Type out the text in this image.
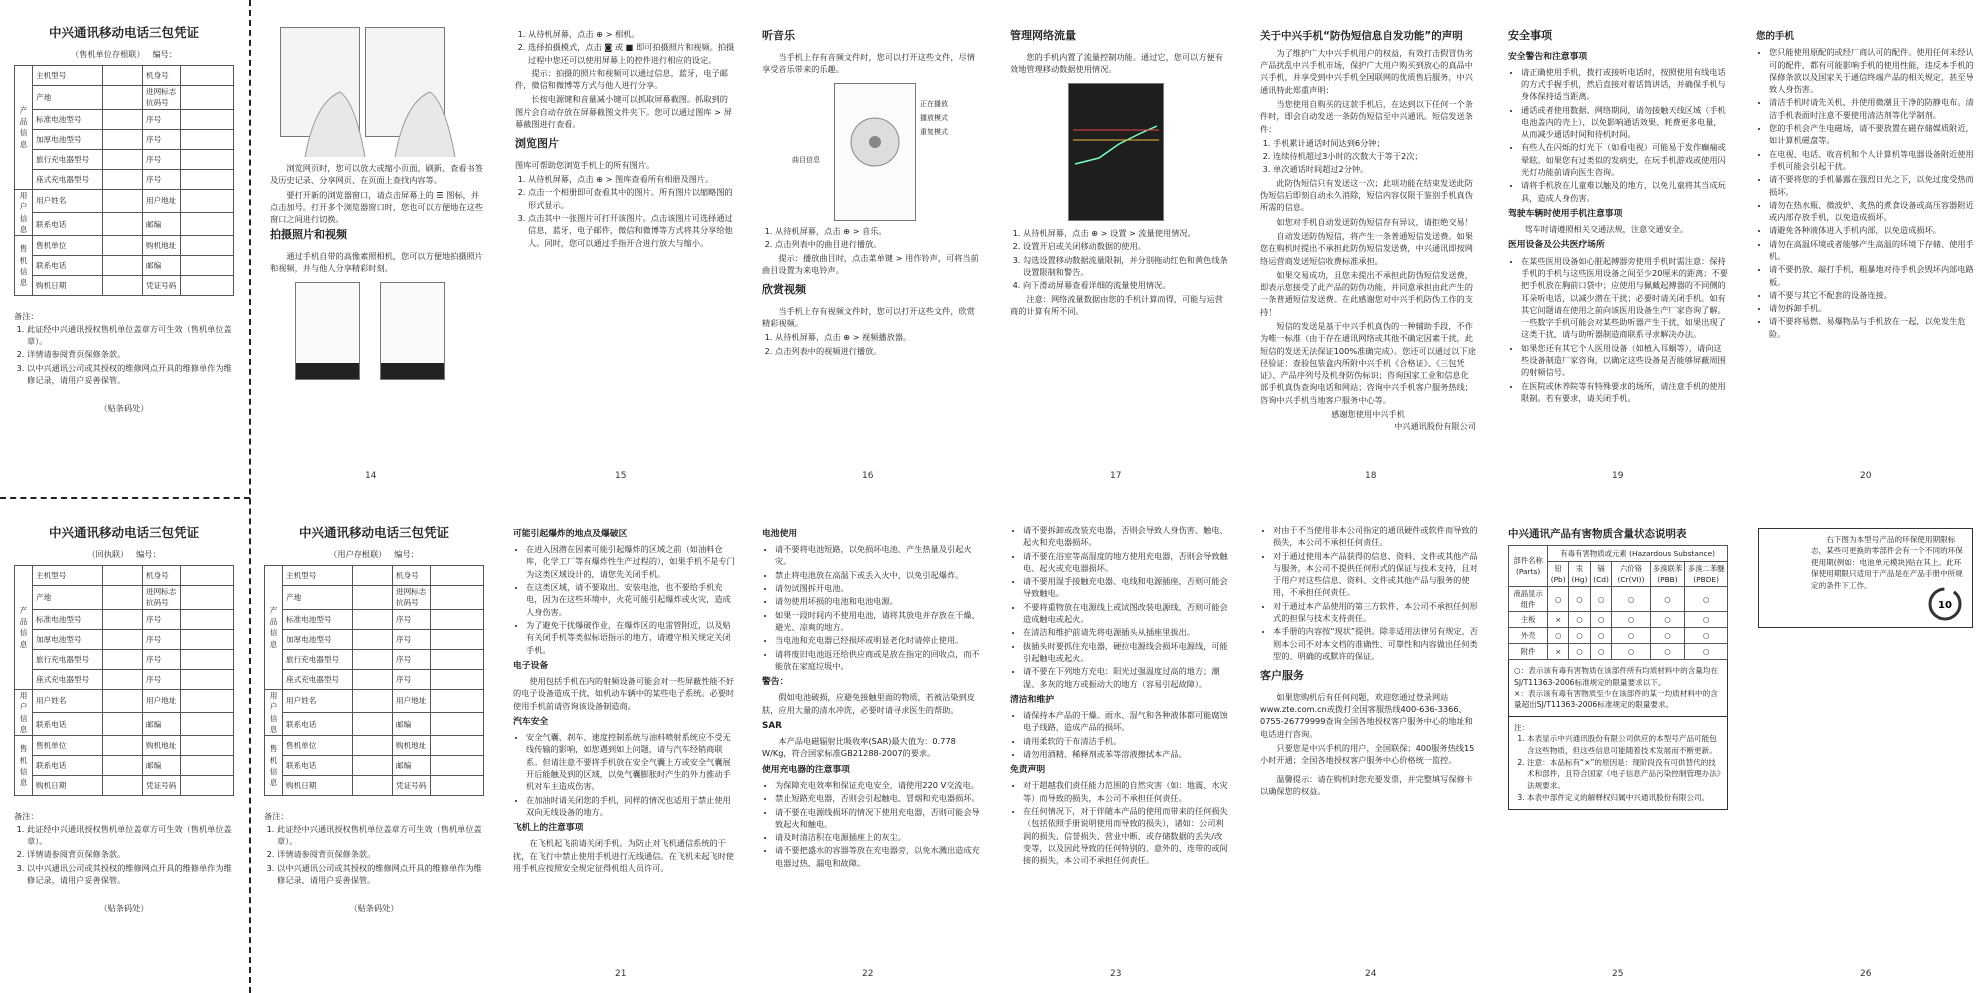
中兴通讯移动电话三包凭证
（售机单位存根联） 编号：
产品信息	主机型号		机身号	
	产地		进网标志 抗码号	
	标准电池型号		序号	
	加厚电池型号		序号	
	旅行充电器型号		序号	
	座式充电器型号		序号	
用户信息	用户姓名		用户地址	
	联系电话		邮编	
售机信息	售机单位		购机地址	
	联系电话		邮编	
	购机日期		凭证号码	
备注：
1. 此证经中兴通讯授权售机单位盖章方可生效（售机单位盖章）。
2. 详情请参阅背页保修条款。
3. 以中兴通讯公司或其授权的维修网点开具的维修单作为维修记录，请用户妥善保管。
（贴条码处）
中兴通讯移动电话三包凭证
（回执联） 编号：
产品信息	主机型号		机身号	
	产地		进网标志 抗码号	
	标准电池型号		序号	
	加厚电池型号		序号	
	旅行充电器型号		序号	
	座式充电器型号		序号	
用户信息	用户姓名		用户地址	
	联系电话		邮编	
售机信息	售机单位		购机地址	
	联系电话		邮编	
	购机日期		凭证号码	
备注：
1. 此证经中兴通讯授权售机单位盖章方可生效（售机单位盖章）。
2. 详情请参阅背页保修条款。
3. 以中兴通讯公司或其授权的维修网点开具的维修单作为维修记录，请用户妥善保管。
（贴条码处）
中兴通讯移动电话三包凭证
（用户存根联） 编号：
产品信息	主机型号		机身号	
	产地		进网标志 抗码号	
	标准电池型号		序号	
	加厚电池型号		序号	
	旅行充电器型号		序号	
	座式充电器型号		序号	
用户信息	用户姓名		用户地址	
	联系电话		邮编	
售机信息	售机单位		购机地址	
	联系电话		邮编	
	购机日期		凭证号码	
备注：
1. 此证经中兴通讯授权售机单位盖章方可生效（售机单位盖章）。
2. 详情请参阅背页保修条款。
3. 以中兴通讯公司或其授权的维修网点开具的维修单作为维修记录，请用户妥善保管。
（贴条码处）

浏览网页时，您可以放大或缩小页面、刷新、查看书签及历史记录、分享网页、在页面上查找内容等。

要打开新的浏览器窗口，请点击屏幕上的 ☰ 图标，并点击加号。打开多个浏览器窗口时，您也可以方便地在这些窗口之间进行切换。

拍摄照片和视频

通过手机自带的高像素照相机，您可以方便地拍摄照片和视频，并与他人分享精彩时刻。

14
1. 从待机屏幕，点击 ⊕ > 相机。
2. 选择拍摄模式，点击 ◙ 或 ■ 即可拍摄照片和视频。拍摄过程中您还可以使用屏幕上的控件进行相应的设定。

提示：拍摄的照片和视频可以通过信息，蓝牙，电子邮件，微信和微博等方式与他人进行分享。

长按电源键和音量减小键可以抓取屏幕截图。抓取到的图片会自动存放在屏幕截图文件夹下。您可以通过图库 > 屏幕截图进行查看。

浏览图片

图库可帮助您浏览手机上的所有图片。

1. 从待机屏幕，点击 ⊕ > 图库查看所有相册及图片。
2. 点击一个相册即可查看其中的图片。所有图片以缩略图的形式显示。
3. 点击其中一张图片可打开该图片。点击该图片可选择通过信息，蓝牙，电子邮件，微信和微博等方式将其分享给他人。同时，您可以通过手指开合进行放大与缩小。
15
听音乐

当手机上存有音频文件时，您可以打开这些文件，尽情享受音乐带来的乐趣。

正在播放
播放模式
重复模式
曲目信息
1. 从待机屏幕，点击 ⊕ > 音乐。
2. 点击列表中的曲目进行播放。

提示：播放曲目时，点击菜单键 > 用作铃声，可将当前曲目设置为来电铃声。

欣赏视频

当手机上存有视频文件时，您可以打开这些文件，欣赏精彩视频。

1. 从待机屏幕，点击 ⊕ > 视频播放器。
2. 点击列表中的视频进行播放。
16
管理网络流量

您的手机内置了流量控制功能。通过它，您可以方便有效地管理移动数据使用情况。

1. 从待机屏幕，点击 ⊕ > 设置 > 流量使用情况。
2. 设置开启或关闭移动数据的使用。
3. 勾选设置移动数据流量限制，并分别拖动红色和黄色线条设置限制和警告。
4. 向下滑动屏幕查看详细的流量使用情况。

注意：网络流量数据由您的手机计算而得，可能与运营商的计算有所不同。

17
关于中兴手机“防伪短信息自发功能”的声明

为了维护广大中兴手机用户的权益，有效打击假冒伪劣产品扰乱中兴手机市场，保护广大用户购买到放心的真品中兴手机，并享受到中兴手机全国联网的优质售后服务，中兴通讯特此郑重声明：

当您使用自购买的这款手机后，在达到以下任何一个条件时，即会自动发送一条防伪短信至中兴通讯。短信发送条件：

1. 手机累计通话时间达到6分钟；
2. 连续待机超过3小时的次数大于等于2次；
3. 单次通话时间超过2分钟。

此防伪短信只有发送这一次；此项功能在结束发送此防伪短信后即刻自动永久消除，短信内容仅限于鉴别手机真伪所需的信息。

如您对手机自动发送防伪短信存有异议，请拒绝交易！

自动发送防伪短信，将产生一条普通短信发送费。如果您在购机时提出不承担此防伪短信发送费，中兴通讯即按网络运营商发送短信收费标准承担。

如果交易成功，且您未提出不承担此防伪短信发送费，即表示您接受了此产品的防伪功能，并同意承担由此产生的一条普通短信发送费。在此感谢您对中兴手机防伪工作的支持！

短信的发送是基于中兴手机真伪的一种辅助手段，不作为唯一标准（由于存在通讯网络或其他不确定因素干扰，此短信的发送无法保证100%准确完成）。您还可以通过以下途径验证：查验包装盒内所附中兴手机《合格证》、《三包凭证》、产品序列号及机身防伪标识；咨询国家工业和信息化部手机真伪查询电话和网站；咨询中兴手机客户服务热线；咨询中兴手机当地客户服务中心等。

感谢您使用中兴手机
中兴通讯股份有限公司
18
安全事项
安全警告和注意事项
• 请正确使用手机，拨打或接听电话时，按照使用有线电话的方式手握手机，然后直接对着话筒讲话，并确保手机与身体保持适当距离。
• 通话或者使用数据、网络期间，请勿接触天线区域（手机电池盖内的壳上），以免影响通话效果、耗费更多电量，从而减少通话时间和待机时间。
• 有些人在闪烁的灯光下（如看电视）可能易于发作癫痫或晕眩。如果您有过类似的发病史，在玩手机游戏或使用闪光灯功能前请向医生咨询。
• 请将手机放在儿童难以触及的地方，以免儿童将其当成玩具，造成人身伤害。
驾驶车辆时使用手机注意事项

驾车时请遵照相关交通法规，注意交通安全。

医用设备及公共医疗场所
• 在某些医用设备如心脏起搏器旁使用手机时需注意：保持手机的手机与这些医用设备之间至少20厘米的距离；不要把手机放在胸前口袋中；应使用与佩戴起搏器的不同侧的耳朵听电话，以减少潜在干扰；必要时请关闭手机。如有其它问题请在使用之前向该医用设备生产厂家咨询了解。一些数字手机可能会对某些助听器产生干扰，如果出现了这类干扰，请与助听器制造商联系寻求解决办法。
• 如果您还有其它个人医用设备（如植入耳蜗等），请向这些设备制造厂家咨询，以确定这些设备是否能够屏蔽周围的射频信号。
• 在医院或休养院等有特殊要求的场所，请注意手机的使用限制。若有要求，请关闭手机。
19
您的手机
• 您只能使用原配的或经厂商认可的配件。使用任何未经认可的配件，都有可能影响手机的使用性能，违反本手机的保修条款以及国家关于通信终端产品的相关规定，甚至导致人身伤害。
• 清洁手机时请先关机，并使用微潮且干净的防静电布。清洁手机表面时注意不要使用清洁剂等化学制剂。
• 您的手机会产生电磁场，请不要放置在磁存储媒质附近，如计算机磁盘等。
• 在电视、电话、收音机和个人计算机等电器设备附近使用手机可能会引起干扰。
• 请不要将您的手机暴露在强烈日光之下，以免过度受热而损坏。
• 请勿在热水瓶、微波炉、炙热的煮食设备或高压容器附近或内部存放手机，以免造成损坏。
• 请避免各种液体进入手机内部，以免造成损坏。
• 请勿在高温环境或者能够产生高温的环境下存储、使用手机。
• 请不要扔放、敲打手机，粗暴地对待手机会毁坏内部电路板。
• 请不要与其它不配套的设备连接。
• 请勿拆卸手机。
• 请不要将易燃、易爆物品与手机放在一起，以免发生危险。
20
可能引起爆炸的地点及爆破区
• 在进入因潜在因素可能引起爆炸的区域之前（如油料仓库，化学工厂等有爆炸性生产过程的），如果手机不是专门为这类区域设计的，请您先关闭手机。
• 在这类区域，请不要取出、安装电池，也不要给手机充电，因为在这些环境中，火花可能引起爆炸或火灾，造成人身伤害。
• 为了避免干扰爆破作业，在爆炸区的电雷管附近，以及贴有关闭手机等类似标语指示的地方，请遵守相关规定关闭手机。
电子设备

使用包括手机在内的射频设备可能会对一些屏蔽性能不好的电子设备造成干扰，如机动车辆中的某些电子系统。必要时使用手机前请咨询该设备制造商。

汽车安全
• 安全气囊、刹车、速度控制系统与油料喷射系统应不受无线传输的影响，如您遇到如上问题，请与汽车经销商联系。但请注意不要将手机放在安全气囊上方或安全气囊展开后能触及到的区域，以免气囊膨胀时产生的外力推动手机对车主造成伤害。
• 在加油时请关闭您的手机，同样的情况也适用于禁止使用双向无线设备的地方。
飞机上的注意事项

在飞机起飞前请关闭手机。为防止对飞机通信系统的干扰，在飞行中禁止使用手机进行无线通信。在飞机未起飞时使用手机应按照安全规定征得机组人员许可。

21
电池使用
• 请不要将电池短路，以免损坏电池、产生热量及引起火灾。
• 禁止将电池放在高温下或丢入火中，以免引起爆炸。
• 请勿试图拆开电池。
• 请勿使用坏损的电池和电池电源。
• 如果一段时间内不使用电池，请将其放电并存放在干燥、避光、凉爽的地方。
• 当电池和充电器已经损坏或明显老化时请停止使用。
• 请将废旧电池返还给供应商或是放在指定的回收点，而不能放在家庭垃圾中。
警告：

假如电池破损，应避免接触里面的物质，若被沾染到皮肤，应用大量的清水冲洗，必要时请寻求医生的帮助。

SAR

本产品电磁辐射比吸收率(SAR)最大值为：0.778 W/Kg，符合国家标准GB21288-2007的要求。

使用充电器的注意事项
• 为保障充电效率和保证充电安全，请使用220 V交流电。
• 禁止短路充电器，否则会引起触电、冒烟和充电器损坏。
• 请不要在电源线损坏的情况下使用充电器，否则可能会导致起火和触电。
• 请及时清洁积在电源插座上的灰尘。
• 请不要把盛水的容器等放在充电器旁，以免水溅出造成充电器过热、漏电和故障。
22
• 请不要拆卸或改装充电器，否则会导致人身伤害、触电、起火和充电器损坏。
• 请不要在浴室等高湿度的地方使用充电器，否则会导致触电、起火或充电器损坏。
• 请不要用湿手接触充电器、电线和电源插座，否则可能会导致触电。
• 不要将重物放在电源线上或试图改装电源线，否则可能会造成触电或起火。
• 在清洁和维护前请先将电源插头从插座里拔出。
• 拔插头时要抓住充电器，硬拉电源线会损坏电源线，可能引起触电或起火。
• 请不要在下列地方充电：阳光过强温度过高的地方；潮湿、多灰的地方或振动大的地方（容易引起故障）。
清洁和维护
• 请保持本产品的干燥。雨水、湿气和各种液体都可能腐蚀电子线路，造成产品的损坏。
• 请用柔软的干布清洁手机。
• 请勿用酒精、稀释剂或苯等溶液擦拭本产品。
免责声明
• 对于超越我们责任能力范围的自然灾害（如：地震、水灾等）而导致的损失，本公司不承担任何责任。
• 在任何情况下，对于伴随本产品的使用而带来的任何损失（包括依照手册说明使用而导致的损失），诸如：公司利润的损失、信誉损失、营业中断、或存储数据的丢失/改变等，以及因此导致的任何特别的、意外的、连带的或间接的损失，本公司不承担任何责任。
23
• 对由于不当使用非本公司指定的通讯硬件或软件而导致的损失，本公司不承担任何责任。
• 对于通过使用本产品获得的信息、资料、文件或其他产品与服务，本公司不提供任何形式的保证与技术支持，且对于用户对这些信息、资料、文件或其他产品与服务的使用，不承担任何责任。
• 对于通过本产品使用的第三方软件，本公司不承担任何形式的担保与技术支持责任。
• 本手册的内容按“现状”提供。除非适用法律另有规定，否则本公司不对本文档的准确性、可靠性和内容做出任何类型的、明确的或默许的保证。
客户服务

如果您购机后有任何问题，欢迎您通过登录网站www.zte.com.cn或拨打全国客服热线400-636-3366、0755-26779999查询全国各地授权客户服务中心的地址和电话进行咨询。

只要您是中兴手机的用户，全国联保；400服务热线15小时开通；全国各地授权客户服务中心价格统一监控。

温馨提示：请在购机时您充要发票，并完整填写保修卡以确保您的权益。

24
中兴通讯产品有害物质含量状态说明表
部件名称 (Parts)	有毒有害物质或元素 (Hazardous Substance)					
	铅(Pb)	汞(Hg)	镉(Cd)	六价铬(Cr(VI))	多溴联苯(PBB)	多溴二苯醚(PBDE)
液晶显示组件	○	○	○	○	○	○
主板	×	○	○	○	○	○
外壳	○	○	○	○	○	○
附件	×	○	○	○	○	○
○：表示该有毒有害物质在该部件所有均质材料中的含量均在SJ/T11363-2006标准规定的限量要求以下。
×：表示该有毒有害物质至少在该部件的某一均质材料中的含量超出SJ/T11363-2006标准规定的限量要求。
注：
1. 本表显示中兴通讯股份有限公司供应的本型号产品可能包含这些物质，但这些信息可能随着技术发展而不断更新。
2. 注意：本品标有“×”的原因是：现阶段没有可供替代的技术和部件，且符合国家《电子信息产品污染控制管理办法》法规要求。
3. 本表中部件定义的解释权归属中兴通讯股份有限公司。
25
右下图为本型号产品的环保使用期限标志，某些可更换的零部件会有一个不同的环保使用期(例如：电池单元模块)贴在其上。此环保使用期限只适用于产品是在产品手册中所规定的条件下工作。
10
26
